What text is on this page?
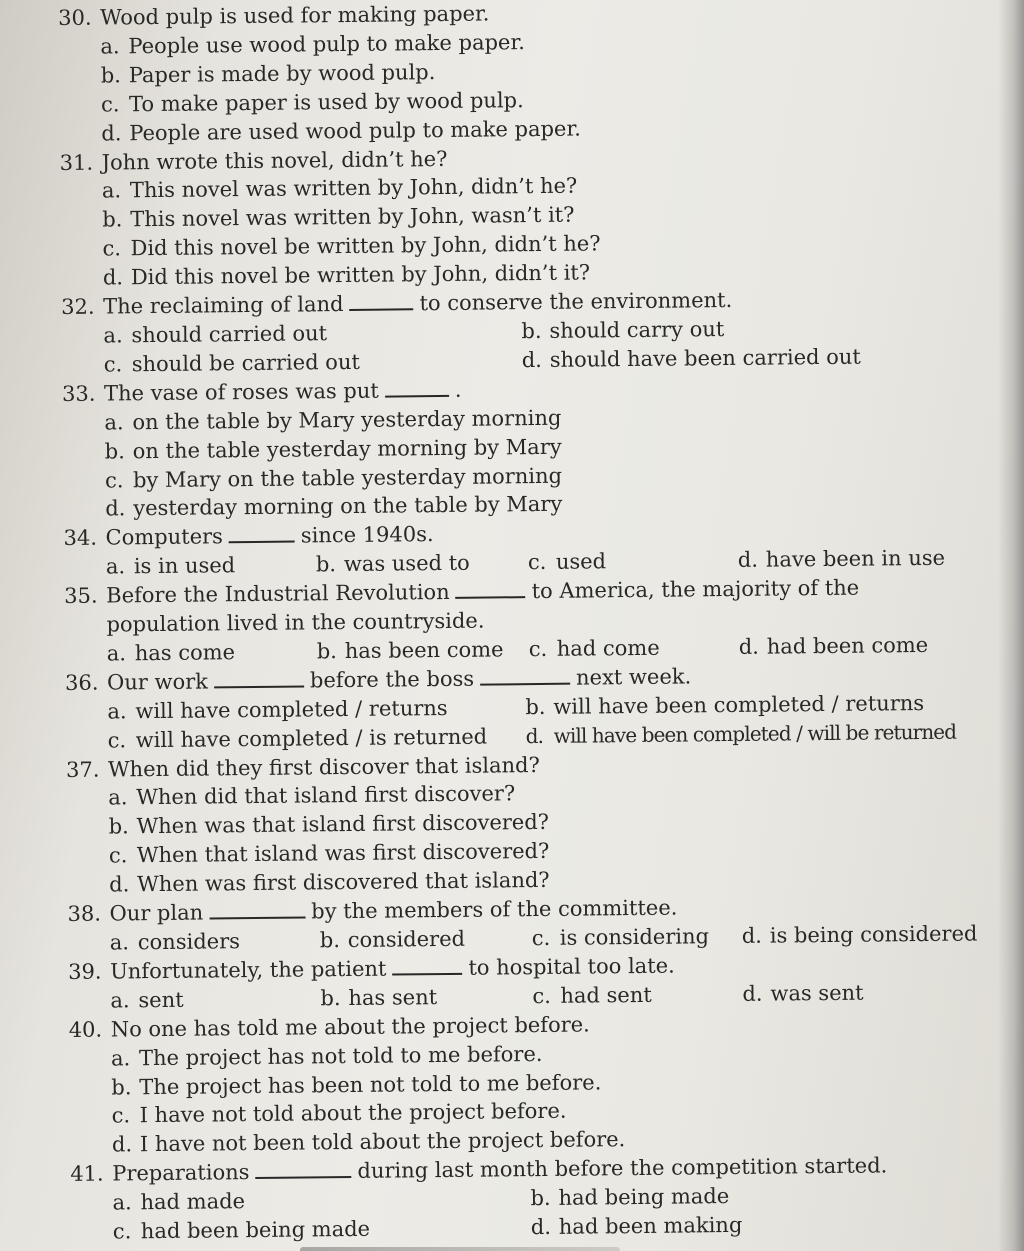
30. Wood pulp is used for making paper.
a. People use wood pulp to make paper.
b. Paper is made by wood pulp.
c. To make paper is used by wood pulp.
d. People are used wood pulp to make paper.
31. John wrote this novel, didn’t he?
a. This novel was written by John, didn’t he?
b. This novel was written by John, wasn’t it?
c. Did this novel be written by John, didn’t he?
d. Did this novel be written by John, didn’t it?
32. The reclaiming of land	to conserve the environment.
a. should carried out	b. should carry out
c. should be carried out	d. should have been carried out
33. The vase of roses was put	.
a. on the table by Mary yesterday morning
b. on the table yesterday morning by Mary
c. by Mary on the table yesterday morning
d. yesterday morning on the table by Mary
34. Computers	since 1940s.
a. is in used	b. was used to	c. used	d. have been in use
35. Before the Industrial Revolution	to America, the majority of the
population lived in the countryside.
a. has come	b. has been come c. had come	d. had been come
36. Our work	before the boss	next week.
a. will have completed / returns	b. will have been completed / returns
c. will have completed / is returned d. will have been completed / will be returned
37. When did they first discover that island?
a. When did that island first discover?
b. When was that island first discovered?
c. When that island was first discovered?
d. When was first discovered that island?
38. Our plan	by the members of the committee.
a. considers	b. considered	c. is considering d. is being considered
39. Unfortunately, the patient	to hospital too late.
a. sent	b. has sent	c. had sent	d. was sent
40. No one has told me about the project before.
a. The project has not told to me before.
b. The project has been not told to me before.
c. I have not told about the project before.
d. I have not been told about the project before.
41. Preparations	during last month before the competition started.
a. had made	b. had being made
c. had been being made	d. had been making
